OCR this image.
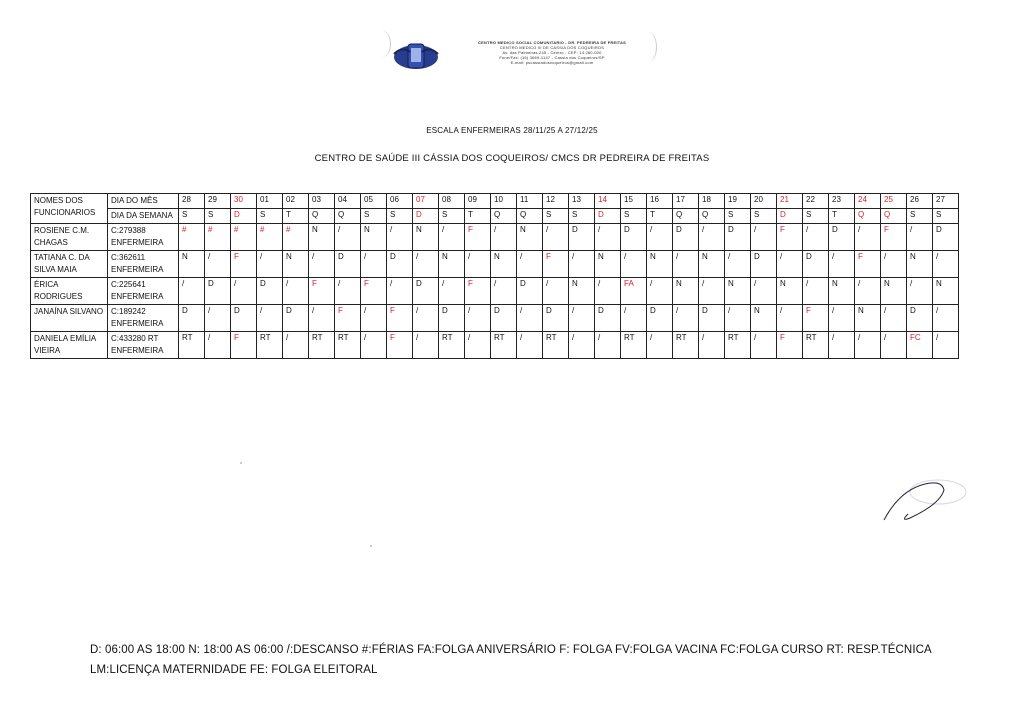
CENTRO MEDICO SOCIAL COMUNITARIO - DR. PEDREIRA DE FREITAS
CENTRO MEDICO III DE CASSIA DOS COQUEIROS
Av. das Palmeiras,245 - Centro - CEP: 14.260-000
Fone/Fax: (16) 3669-1147 - Cassia dos Coqueiros/SP
E-mail: pscassiadoscoqueiros@gmail.com
ESCALA ENFERMEIRAS 28/11/25 A 27/12/25
CENTRO DE SAÚDE III CÁSSIA DOS COQUEIROS/ CMCS DR PEDREIRA DE FREITAS
NOMES DOS FUNCIONARIOS	DIA DO MÊS	28	29	30	01	02	03	04	05	06	07	08	09	10	11	12	13	14	15	16	17	18	19	20	21	22	23	24	25	26	27
	DIA DA SEMANA	S	S	D	S	T	Q	Q	S	S	D	S	T	Q	Q	S	S	D	S	T	Q	Q	S	S	D	S	T	Q	Q	S	S
ROSIENE C.M. CHAGAS	C:279388
ENFERMEIRA	#	#	#	#	#	N	/	N	/	N	/	F	/	N	/	D	/	D	/	D	/	D	/	F	/	D	/	F	/	D
TATIANA C. DA SILVA MAIA	C:362611
ENFERMEIRA	N	/	F	/	N	/	D	/	D	/	N	/	N	/	F	/	N	/	N	/	N	/	D	/	D	/	F	/	N	/
ÉRICA RODRIGUES	C:225641
ENFERMEIRA	/	D	/	D	/	F	/	F	/	D	/	F	/	D	/	N	/	FA	/	N	/	N	/	N	/	N	/	N	/	N
JANAÍNA SILVANO	C:189242
ENFERMEIRA	D	/	D	/	D	/	F	/	F	/	D	/	D	/	D	/	D	/	D	/	D	/	N	/	F	/	N	/	D	/
DANIELA EMÍLIA VIEIRA	C:433280 RT
ENFERMEIRA	RT	/	F	RT	/	RT	RT	/	F	/	RT	/	RT	/	RT	/	/	RT	/	RT	/	RT	/	F	RT	/	/	/	FC	/
D: 06:00 AS 18:00 N: 18:00 AS 06:00 /:DESCANSO #:FÉRIAS FA:FOLGA ANIVERSÁRIO F: FOLGA FV:FOLGA VACINA FC:FOLGA CURSO RT: RESP.TÉCNICA
LM:LICENÇA MATERNIDADE FE: FOLGA ELEITORAL
